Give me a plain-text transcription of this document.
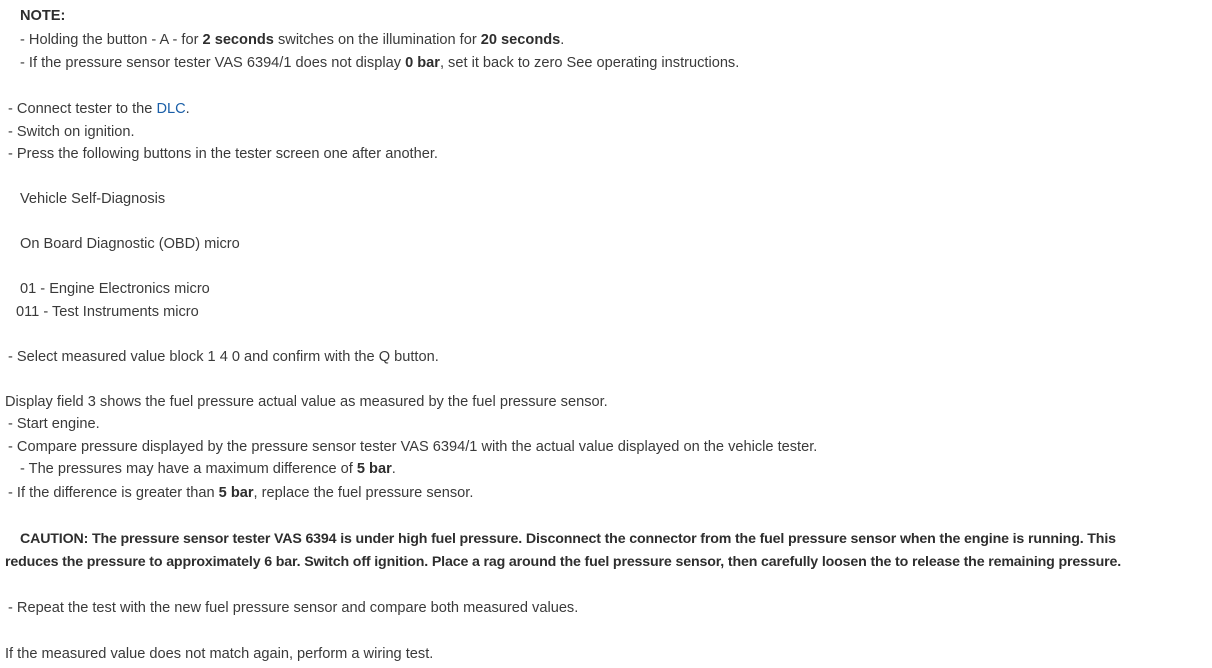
NOTE:
- Holding the button - A - for 2 seconds switches on the illumination for 20 seconds.
- If the pressure sensor tester VAS 6394/1 does not display 0 bar, set it back to zero See operating instructions.
- Connect tester to the DLC.
- Switch on ignition.
- Press the following buttons in the tester screen one after another.
Vehicle Self-Diagnosis
On Board Diagnostic (OBD) micro
01 - Engine Electronics micro
011 - Test Instruments micro
- Select measured value block 1 4 0 and confirm with the Q button.
Display field 3 shows the fuel pressure actual value as measured by the fuel pressure sensor.
- Start engine.
- Compare pressure displayed by the pressure sensor tester VAS 6394/1 with the actual value displayed on the vehicle tester.
- The pressures may have a maximum difference of 5 bar.
- If the difference is greater than 5 bar, replace the fuel pressure sensor.
CAUTION: The pressure sensor tester VAS 6394 is under high fuel pressure. Disconnect the connector from the fuel pressure sensor when the engine is running. This
reduces the pressure to approximately 6 bar. Switch off ignition. Place a rag around the fuel pressure sensor, then carefully loosen the to release the remaining pressure.
- Repeat the test with the new fuel pressure sensor and compare both measured values.
If the measured value does not match again, perform a wiring test.
